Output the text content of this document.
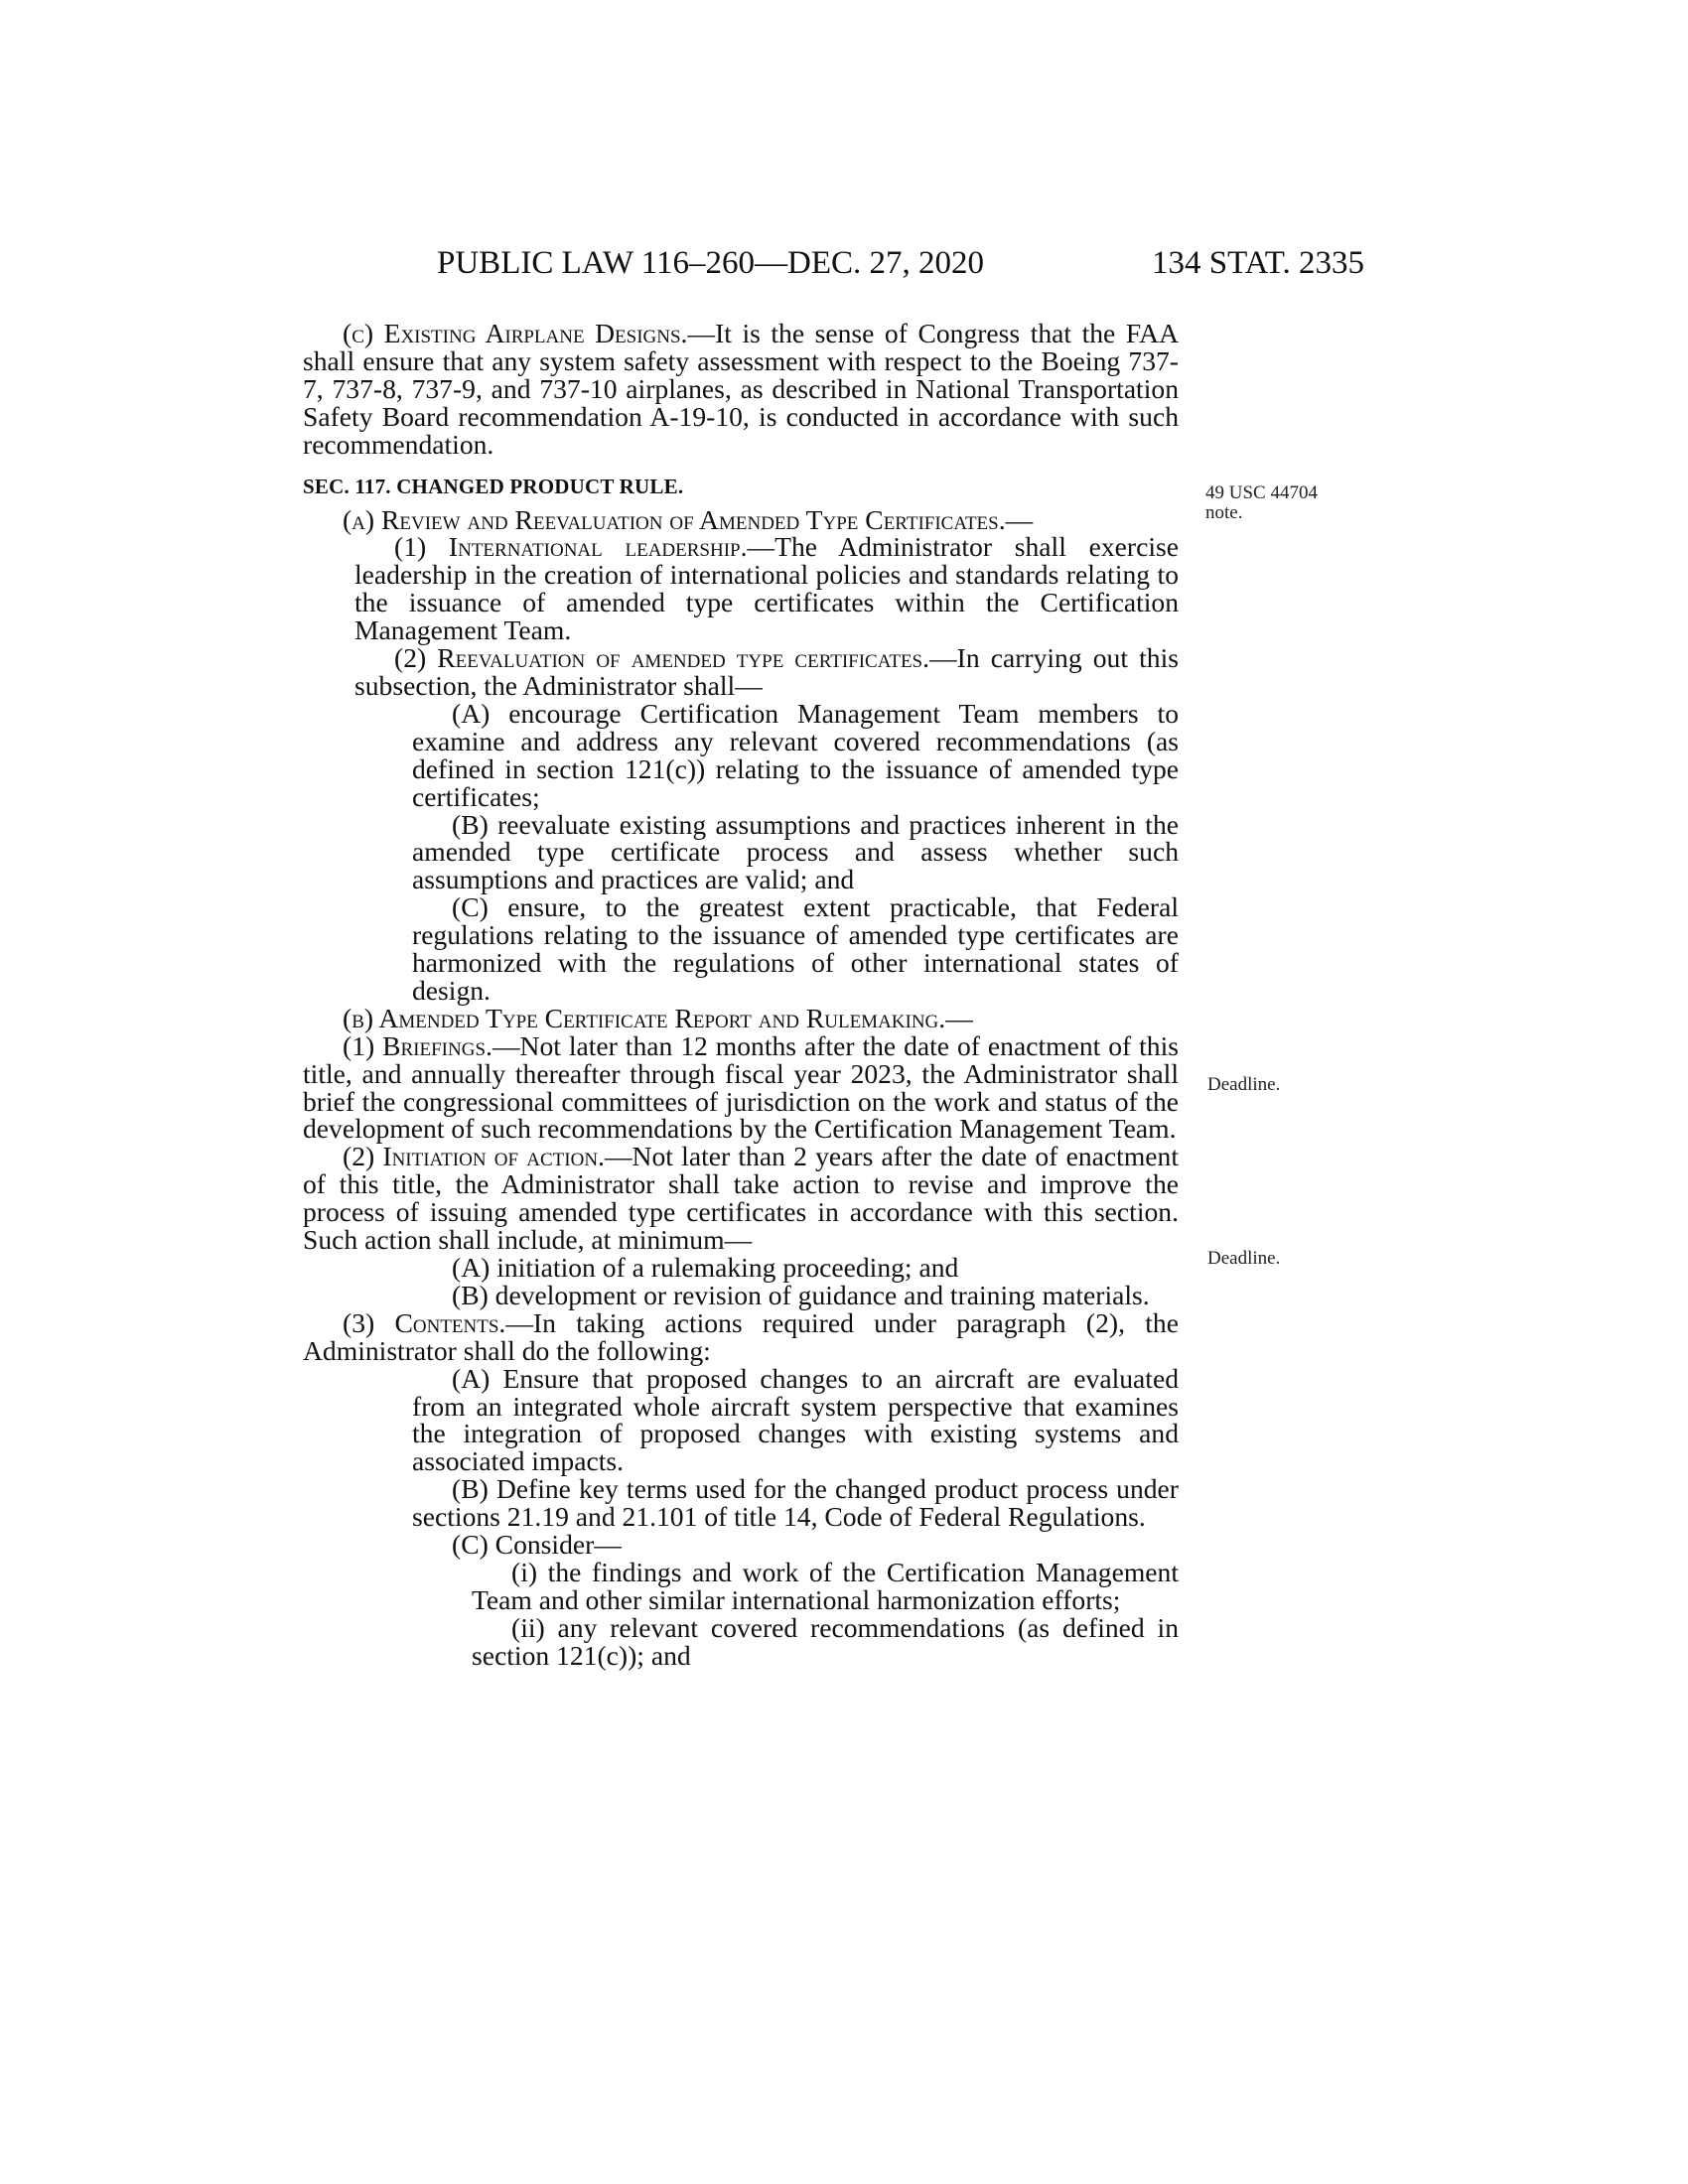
PUBLIC LAW 116–260—DEC. 27, 2020	134 STAT. 2335
49 USC 44704
note.
Deadline.
Deadline.

(c) Existing Airplane Designs.—It is the sense of Congress that the FAA shall ensure that any system safety assessment with respect to the Boeing 737-7, 737-8, 737-9, and 737-10 airplanes, as described in National Transportation Safety Board recommendation A-19-10, is conducted in accordance with such recommendation.

SEC. 117. CHANGED PRODUCT RULE.

(a) Review and Reevaluation of Amended Type Certificates.—

(1) International leadership.—The Administrator shall exercise leadership in the creation of international policies and standards relating to the issuance of amended type certificates within the Certification Management Team.

(2) Reevaluation of amended type certificates.—In carrying out this subsection, the Administrator shall—

(A) encourage Certification Management Team members to examine and address any relevant covered recommendations (as defined in section 121(c)) relating to the issuance of amended type certificates;

(B) reevaluate existing assumptions and practices inherent in the amended type certificate process and assess whether such assumptions and practices are valid; and

(C) ensure, to the greatest extent practicable, that Federal regulations relating to the issuance of amended type certificates are harmonized with the regulations of other international states of design.

(b) Amended Type Certificate Report and Rulemaking.—

(1) Briefings.—Not later than 12 months after the date of enactment of this title, and annually thereafter through fiscal year 2023, the Administrator shall brief the congressional committees of jurisdiction on the work and status of the development of such recommendations by the Certification Management Team.

(2) Initiation of action.—Not later than 2 years after the date of enactment of this title, the Administrator shall take action to revise and improve the process of issuing amended type certificates in accordance with this section. Such action shall include, at minimum—

(A) initiation of a rulemaking proceeding; and

(B) development or revision of guidance and training materials.

(3) Contents.—In taking actions required under paragraph (2), the Administrator shall do the following:

(A) Ensure that proposed changes to an aircraft are evaluated from an integrated whole aircraft system perspective that examines the integration of proposed changes with existing systems and associated impacts.

(B) Define key terms used for the changed product process under sections 21.19 and 21.101 of title 14, Code of Federal Regulations.

(C) Consider—

(i) the findings and work of the Certification Management Team and other similar international harmonization efforts;

(ii) any relevant covered recommendations (as defined in section 121(c)); and
